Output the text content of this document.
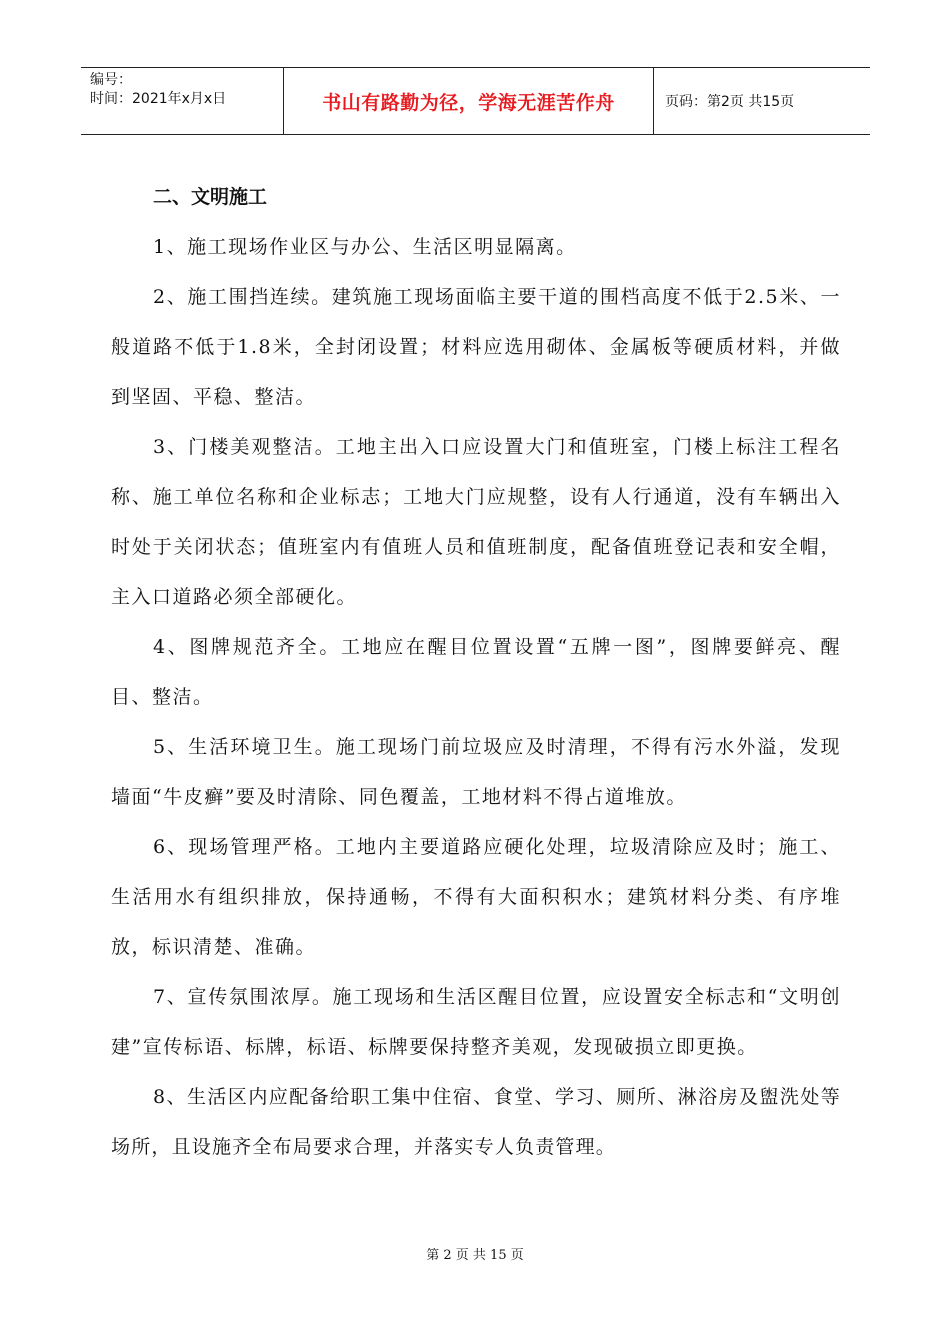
编号：
时间：2021年x月x日	书山有路勤为径，学海无涯苦作舟	页码：第2页 共15页
二、文明施工

1、施工现场作业区与办公、生活区明显隔离。

2、施工围挡连续。建筑施工现场面临主要干道的围档高度不低于2.5米、一般道路不低于1.8米，全封闭设置；材料应选用砌体、金属板等硬质材料，并做到坚固、平稳、整洁。

3、门楼美观整洁。工地主出入口应设置大门和值班室，门楼上标注工程名称、施工单位名称和企业标志；工地大门应规整，设有人行通道，没有车辆出入时处于关闭状态；值班室内有值班人员和值班制度，配备值班登记表和安全帽，主入口道路必须全部硬化。

4、图牌规范齐全。工地应在醒目位置设置“五牌一图”，图牌要鲜亮、醒目、整洁。

5、生活环境卫生。施工现场门前垃圾应及时清理，不得有污水外溢，发现墙面“牛皮癣”要及时清除、同色覆盖，工地材料不得占道堆放。

6、现场管理严格。工地内主要道路应硬化处理，垃圾清除应及时；施工、生活用水有组织排放，保持通畅，不得有大面积积水；建筑材料分类、有序堆放，标识清楚、准确。

7、宣传氛围浓厚。施工现场和生活区醒目位置，应设置安全标志和“文明创建”宣传标语、标牌，标语、标牌要保持整齐美观，发现破损立即更换。

8、生活区内应配备给职工集中住宿、食堂、学习、厕所、淋浴房及盥洗处等场所，且设施齐全布局要求合理，并落实专人负责管理。

第 2 页 共 15 页
